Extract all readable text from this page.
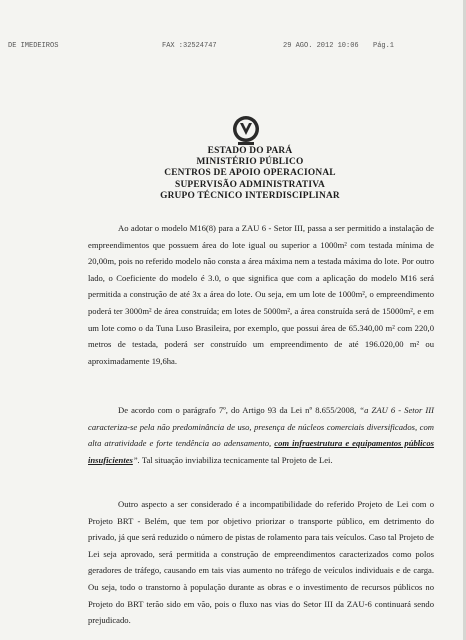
DE IMEDEIROS	FAX :32524747	29 AGO. 2012 10:06 Pág.1
ESTADO DO PARÁ
MINISTÉRIO PÚBLICO
CENTROS DE APOIO OPERACIONAL
SUPERVISÃO ADMINISTRATIVA
GRUPO TÉCNICO INTERDISCIPLINAR

Ao adotar o modelo M16(8) para a ZAU 6 - Setor III, passa a ser permitido a instalação de empreendimentos que possuem área do lote igual ou superior a 1000m² com testada mínima de 20,00m, pois no referido modelo não consta a área máxima nem a testada máxima do lote. Por outro lado, o Coeficiente do modelo é 3.0, o que significa que com a aplicação do modelo M16 será permitida a construção de até 3x a área do lote. Ou seja, em um lote de 1000m², o empreendimento poderá ter 3000m² de área construída; em lotes de 5000m², a área construída será de 15000m², e em um lote como o da Tuna Luso Brasileira, por exemplo, que possui área de 65.340,00 m² com 220,0 metros de testada, poderá ser construído um empreendimento de até 196.020,00 m² ou aproximadamente 19,6ha.

De acordo com o parágrafo 7º, do Artigo 93 da Lei nº 8.655/2008, “a ZAU 6 - Setor III caracteriza-se pela não predominância de uso, presença de núcleos comerciais diversificados, com alta atratividade e forte tendência ao adensamento, com infraestrutura e equipamentos públicos insuficientes”. Tal situação inviabiliza tecnicamente tal Projeto de Lei.

Outro aspecto a ser considerado é a incompatibilidade do referido Projeto de Lei com o Projeto BRT - Belém, que tem por objetivo priorizar o transporte público, em detrimento do privado, já que será reduzido o número de pistas de rolamento para tais veículos. Caso tal Projeto de Lei seja aprovado, será permitida a construção de empreendimentos caracterizados como polos geradores de tráfego, causando em tais vias aumento no tráfego de veículos individuais e de carga. Ou seja, todo o transtorno à população durante as obras e o investimento de recursos públicos no Projeto do BRT terão sido em vão, pois o fluxo nas vias do Setor III da ZAU-6 continuará sendo prejudicado.
